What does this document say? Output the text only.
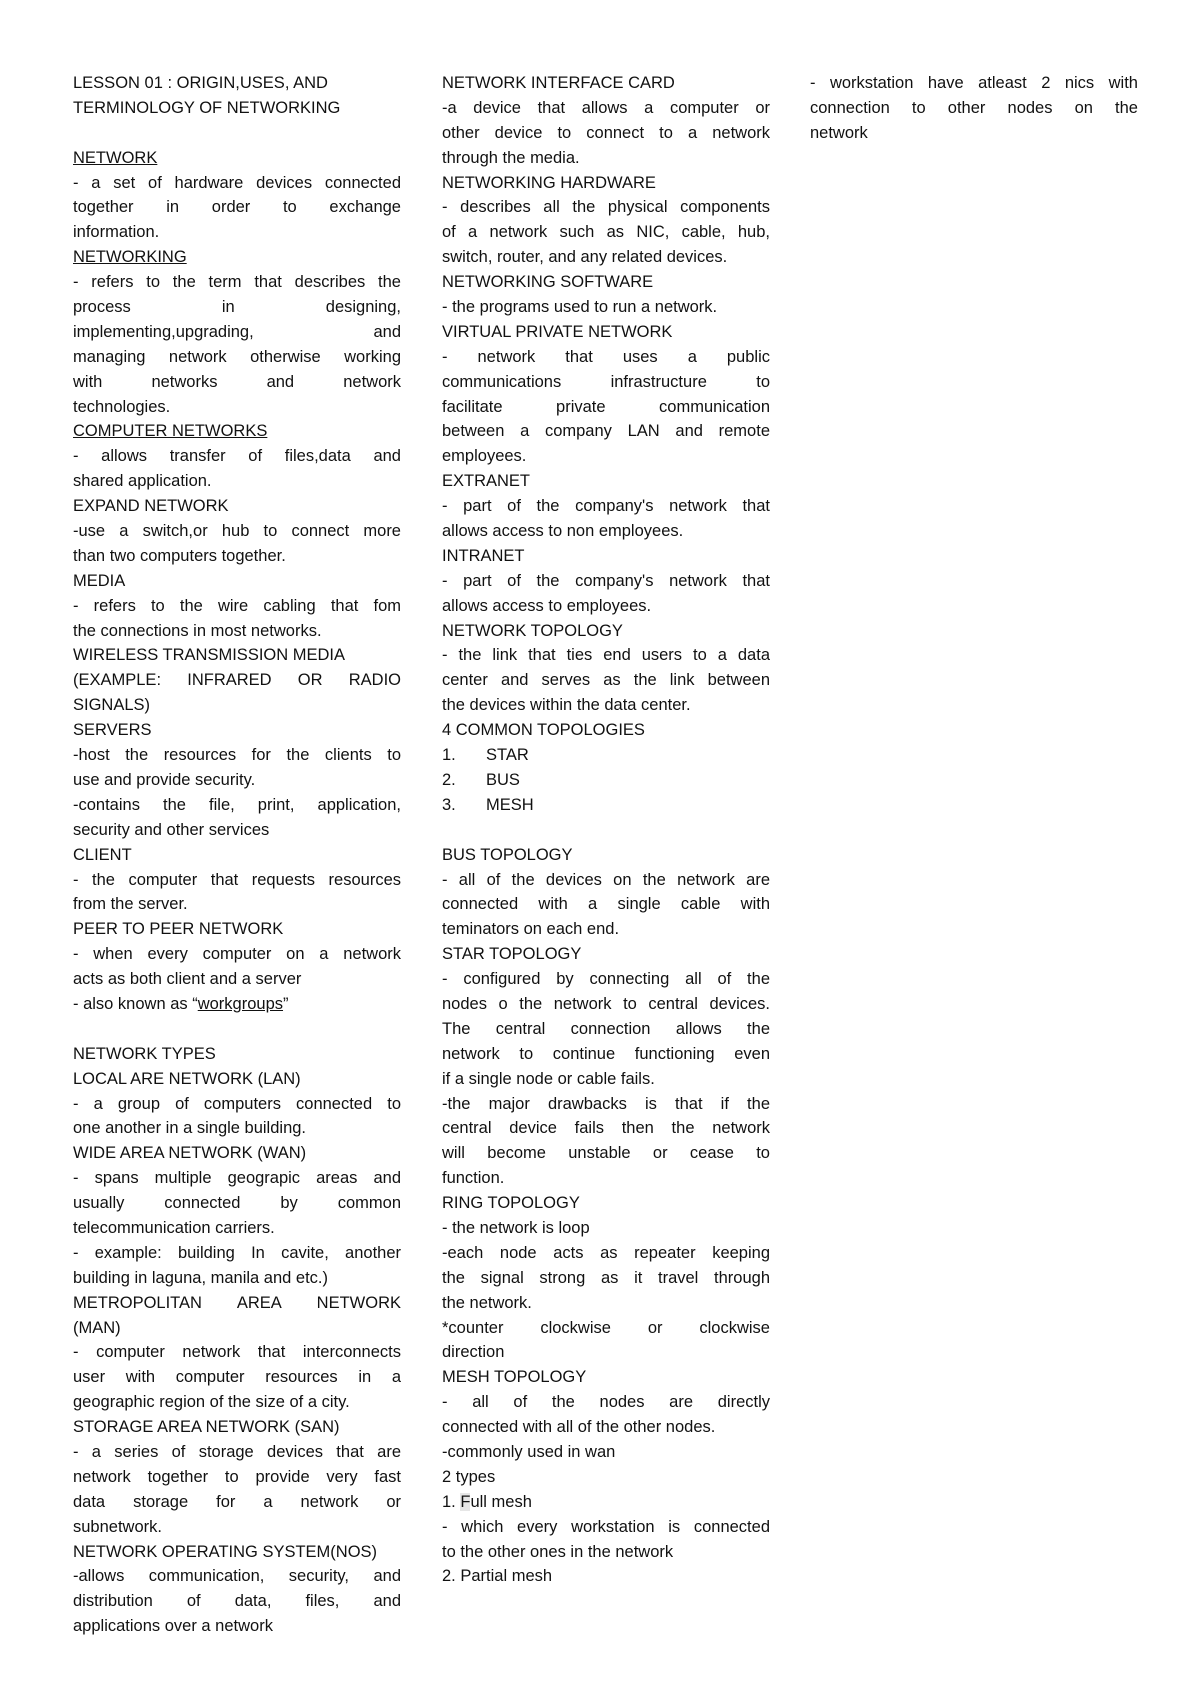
LESSON 01 : ORIGIN,USES, AND
TERMINOLOGY OF NETWORKING
NETWORK
- a set of hardware devices connected
together in order to exchange
information.
NETWORKING
- refers to the term that describes the
process in designing,
implementing,upgrading, and
managing network otherwise working
with networks and network
technologies.
COMPUTER NETWORKS
- allows transfer of files,data and
shared application.
EXPAND NETWORK
-use a switch,or hub to connect more
than two computers together.
MEDIA
- refers to the wire cabling that fom
the connections in most networks.
WIRELESS TRANSMISSION MEDIA
(EXAMPLE: INFRARED OR RADIO
SIGNALS)
SERVERS
-host the resources for the clients to
use and provide security.
-contains the file, print, application,
security and other services
CLIENT
- the computer that requests resources
from the server.
PEER TO PEER NETWORK
- when every computer on a network
acts as both client and a server
- also known as “workgroups”
NETWORK TYPES
LOCAL ARE NETWORK (LAN)
- a group of computers connected to
one another in a single building.
WIDE AREA NETWORK (WAN)
- spans multiple geograpic areas and
usually connected by common
telecommunication carriers.
- example: building In cavite, another
building in laguna, manila and etc.)
METROPOLITAN AREA NETWORK
(MAN)
- computer network that interconnects
user with computer resources in a
geographic region of the size of a city.
STORAGE AREA NETWORK (SAN)
- a series of storage devices that are
network together to provide very fast
data storage for a network or
subnetwork.
NETWORK OPERATING SYSTEM(NOS)
-allows communication, security, and
distribution of data, files, and
applications over a network
NETWORK INTERFACE CARD
-a device that allows a computer or
other device to connect to a network
through the media.
NETWORKING HARDWARE
- describes all the physical components
of a network such as NIC, cable, hub,
switch, router, and any related devices.
NETWORKING SOFTWARE
- the programs used to run a network.
VIRTUAL PRIVATE NETWORK
- network that uses a public
communications infrastructure to
facilitate private communication
between a company LAN and remote
employees.
EXTRANET
- part of the company's network that
allows access to non employees.
INTRANET
- part of the company's network that
allows access to employees.
NETWORK TOPOLOGY
- the link that ties end users to a data
center and serves as the link between
the devices within the data center.
4 COMMON TOPOLOGIES
1. STAR
2. BUS
3. MESH
BUS TOPOLOGY
- all of the devices on the network are
connected with a single cable with
teminators on each end.
STAR TOPOLOGY
- configured by connecting all of the
nodes o the network to central devices.
The central connection allows the
network to continue functioning even
if a single node or cable fails.
-the major drawbacks is that if the
central device fails then the network
will become unstable or cease to
function.
RING TOPOLOGY
- the network is loop
-each node acts as repeater keeping
the signal strong as it travel through
the network.
*counter clockwise or clockwise
direction
MESH TOPOLOGY
- all of the nodes are directly
connected with all of the other nodes.
-commonly used in wan
2 types
1. Full mesh
- which every workstation is connected
to the other ones in the network
2. Partial mesh
- workstation have atleast 2 nics with
connection to other nodes on the
network
